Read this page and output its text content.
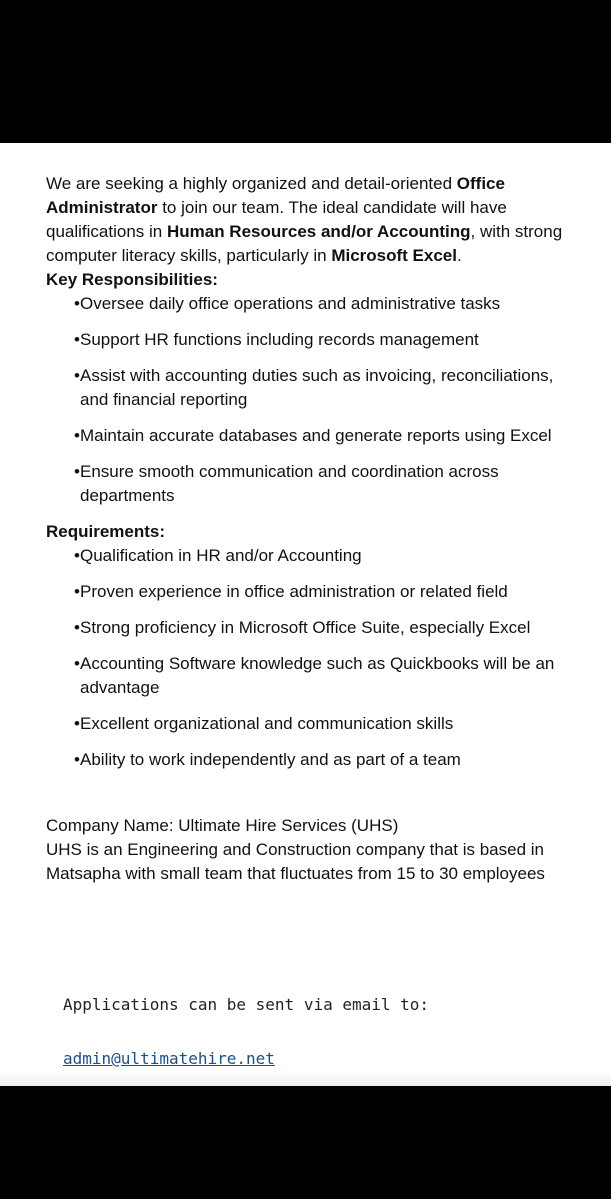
We are seeking a highly organized and detail-oriented Office Administrator to join our team. The ideal candidate will have qualifications in Human Resources and/or Accounting, with strong computer literacy skills, particularly in Microsoft Excel.

Key Responsibilities:

•Oversee daily office operations and administrative tasks
•Support HR functions including records management
•Assist with accounting duties such as invoicing, reconciliations, and financial reporting
•Maintain accurate databases and generate reports using Excel
•Ensure smooth communication and coordination across departments

Requirements:

•Qualification in HR and/or Accounting
•Proven experience in office administration or related field
•Strong proficiency in Microsoft Office Suite, especially Excel
•Accounting Software knowledge such as Quickbooks will be an advantage
•Excellent organizational and communication skills
•Ability to work independently and as part of a team

Company Name: Ultimate Hire Services (UHS)

UHS is an Engineering and Construction company that is based in Matsapha with small team that fluctuates from 15 to 30 employees

Applications can be sent via email to:

admin@ultimatehire.net
